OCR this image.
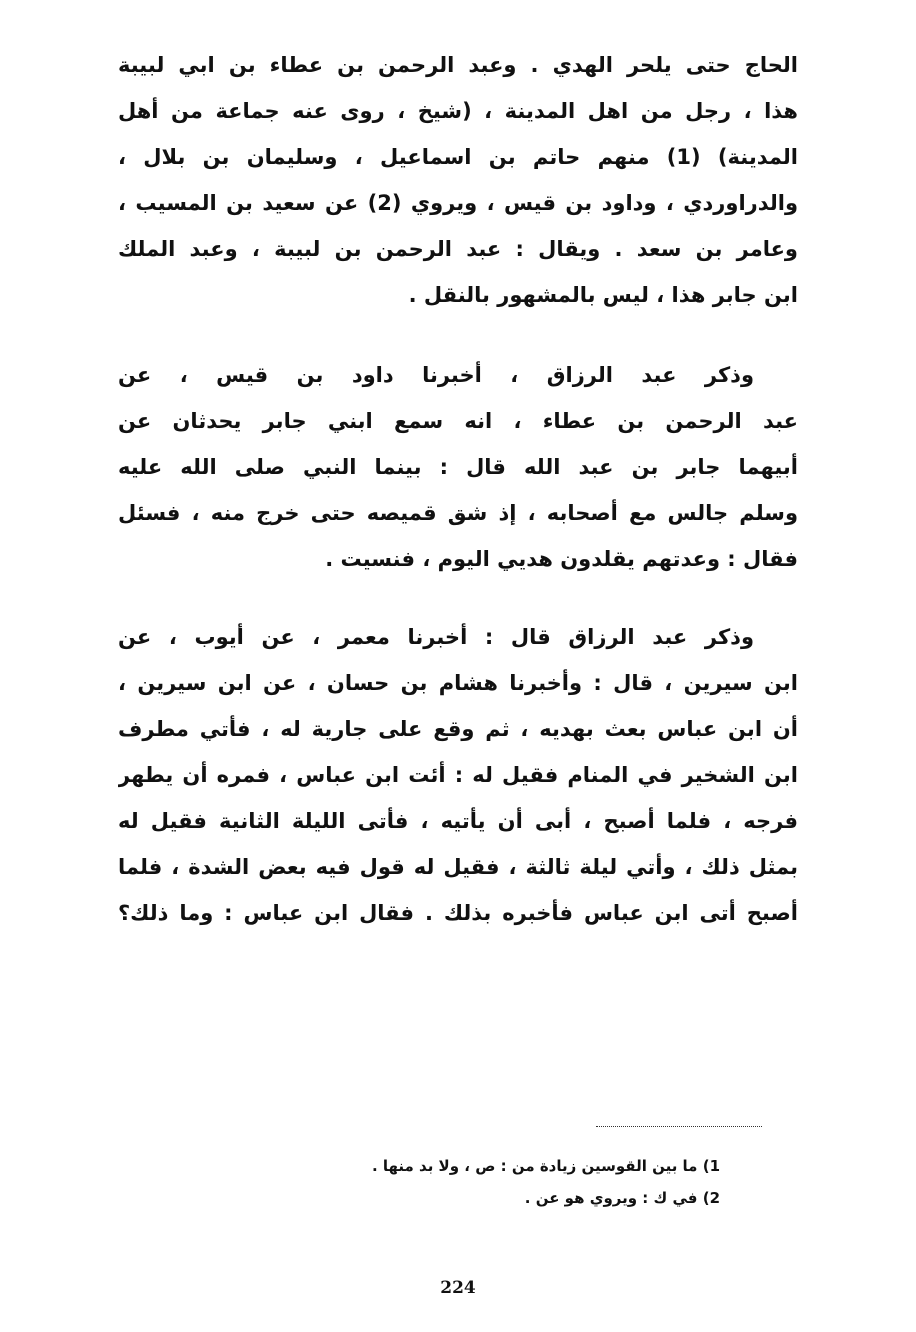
الحاج حتى يلحر الهدي . وعبد الرحمن بن عطاء بن ابي لبيبة
هذا ، رجل من اهل المدينة ، (شيخ ، روى عنه جماعة من أهل
المدينة) (1) منهم حاتم بن اسماعيل ، وسليمان بن بلال ،
والدراوردي ، وداود بن قيس ، ويروي (2) عن سعيد بن المسيب ،
وعامر بن سعد . ويقال : عبد الرحمن بن لبيبة ، وعبد الملك
ابن جابر هذا ، ليس بالمشهور بالنقل .
وذكر عبد الرزاق ، أخبرنا داود بن قيس ، عن
عبد الرحمن بن عطاء ، انه سمع ابني جابر يحدثان عن
أبيهما جابر بن عبد الله قال : بينما النبي صلى الله عليه
وسلم جالس مع أصحابه ، إذ شق قميصه حتى خرج منه ، فسئل
فقال : وعدتهم يقلدون هديي اليوم ، فنسيت .
وذكر عبد الرزاق قال : أخبرنا معمر ، عن أيوب ، عن
ابن سيرين ، قال : وأخبرنا هشام بن حسان ، عن ابن سيرين ،
أن ابن عباس بعث بهديه ، ثم وقع على جارية له ، فأتي مطرف
ابن الشخير في المنام فقيل له : أئت ابن عباس ، فمره أن يطهر
فرجه ، فلما أصبح ، أبى أن يأتيه ، فأتى الليلة الثانية فقيل له
بمثل ذلك ، وأتي ليلة ثالثة ، فقيل له قول فيه بعض الشدة ، فلما
أصبح أتى ابن عباس فأخبره بذلك . فقال ابن عباس : وما ذلك؟
1) ما بين القوسين زيادة من : ص ، ولا بد منها .
2) في ك : ويروي هو عن .
224
